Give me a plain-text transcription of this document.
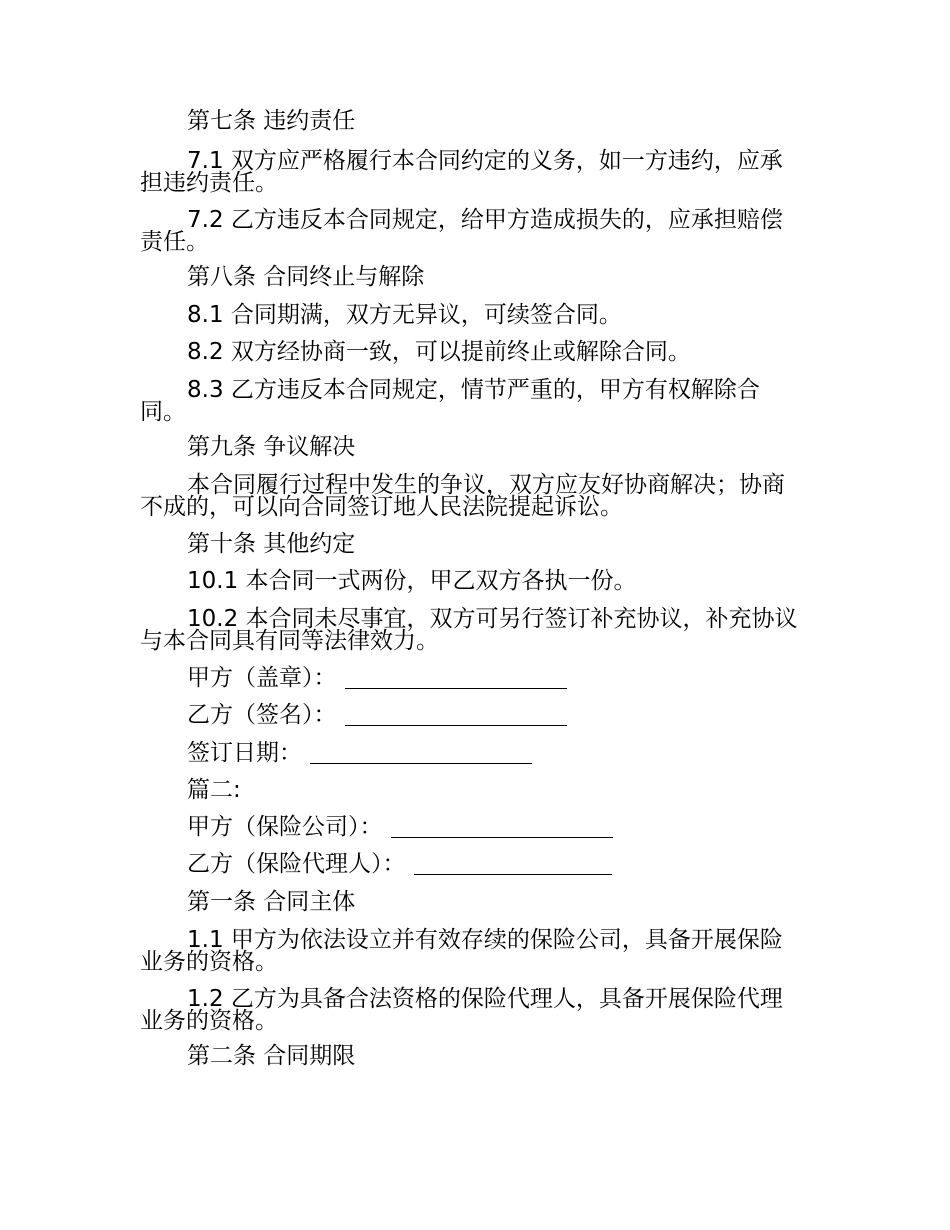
第七条 违约责任
7.1 双方应严格履行本合同约定的义务，如一方违约，应承担违约责任。
7.2 乙方违反本合同规定，给甲方造成损失的，应承担赔偿责任。
第八条 合同终止与解除
8.1 合同期满，双方无异议，可续签合同。
8.2 双方经协商一致，可以提前终止或解除合同。
8.3 乙方违反本合同规定，情节严重的，甲方有权解除合同。
第九条 争议解决
本合同履行过程中发生的争议，双方应友好协商解决；协商不成的，可以向合同签订地人民法院提起诉讼。
第十条 其他约定
10.1 本合同一式两份，甲乙双方各执一份。
10.2 本合同未尽事宜，双方可另行签订补充协议，补充协议与本合同具有同等法律效力。
甲方（盖章）：
乙方（签名）：
签订日期：
篇二:
甲方（保险公司）：
乙方（保险代理人）：
第一条 合同主体
1.1 甲方为依法设立并有效存续的保险公司，具备开展保险业务的资格。
1.2 乙方为具备合法资格的保险代理人，具备开展保险代理业务的资格。
第二条 合同期限
